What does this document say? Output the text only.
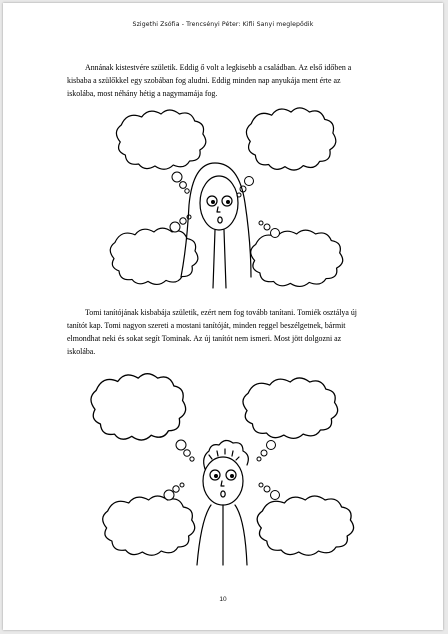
Szigethi Zsófia - Trencsényi Péter: Kifli Sanyi meglepődik
Annának kistestvére születik. Eddig ő volt a legkisebb a családban. Az első időben a
kisbaba a szülőkkel egy szobában fog aludni. Eddig minden nap anyukája ment érte az
iskolába, most néhány hétig a nagymamája fog.
Tomi tanítójának kisbabája születik, ezért nem fog tovább tanítani. Tomiék osztálya új
tanítót kap. Tomi nagyon szereti a mostani tanítóját, minden reggel beszélgetnek, bármit
elmondhat neki és sokat segít Tominak. Az új tanítót nem ismeri. Most jött dolgozni az
iskolába.
10
